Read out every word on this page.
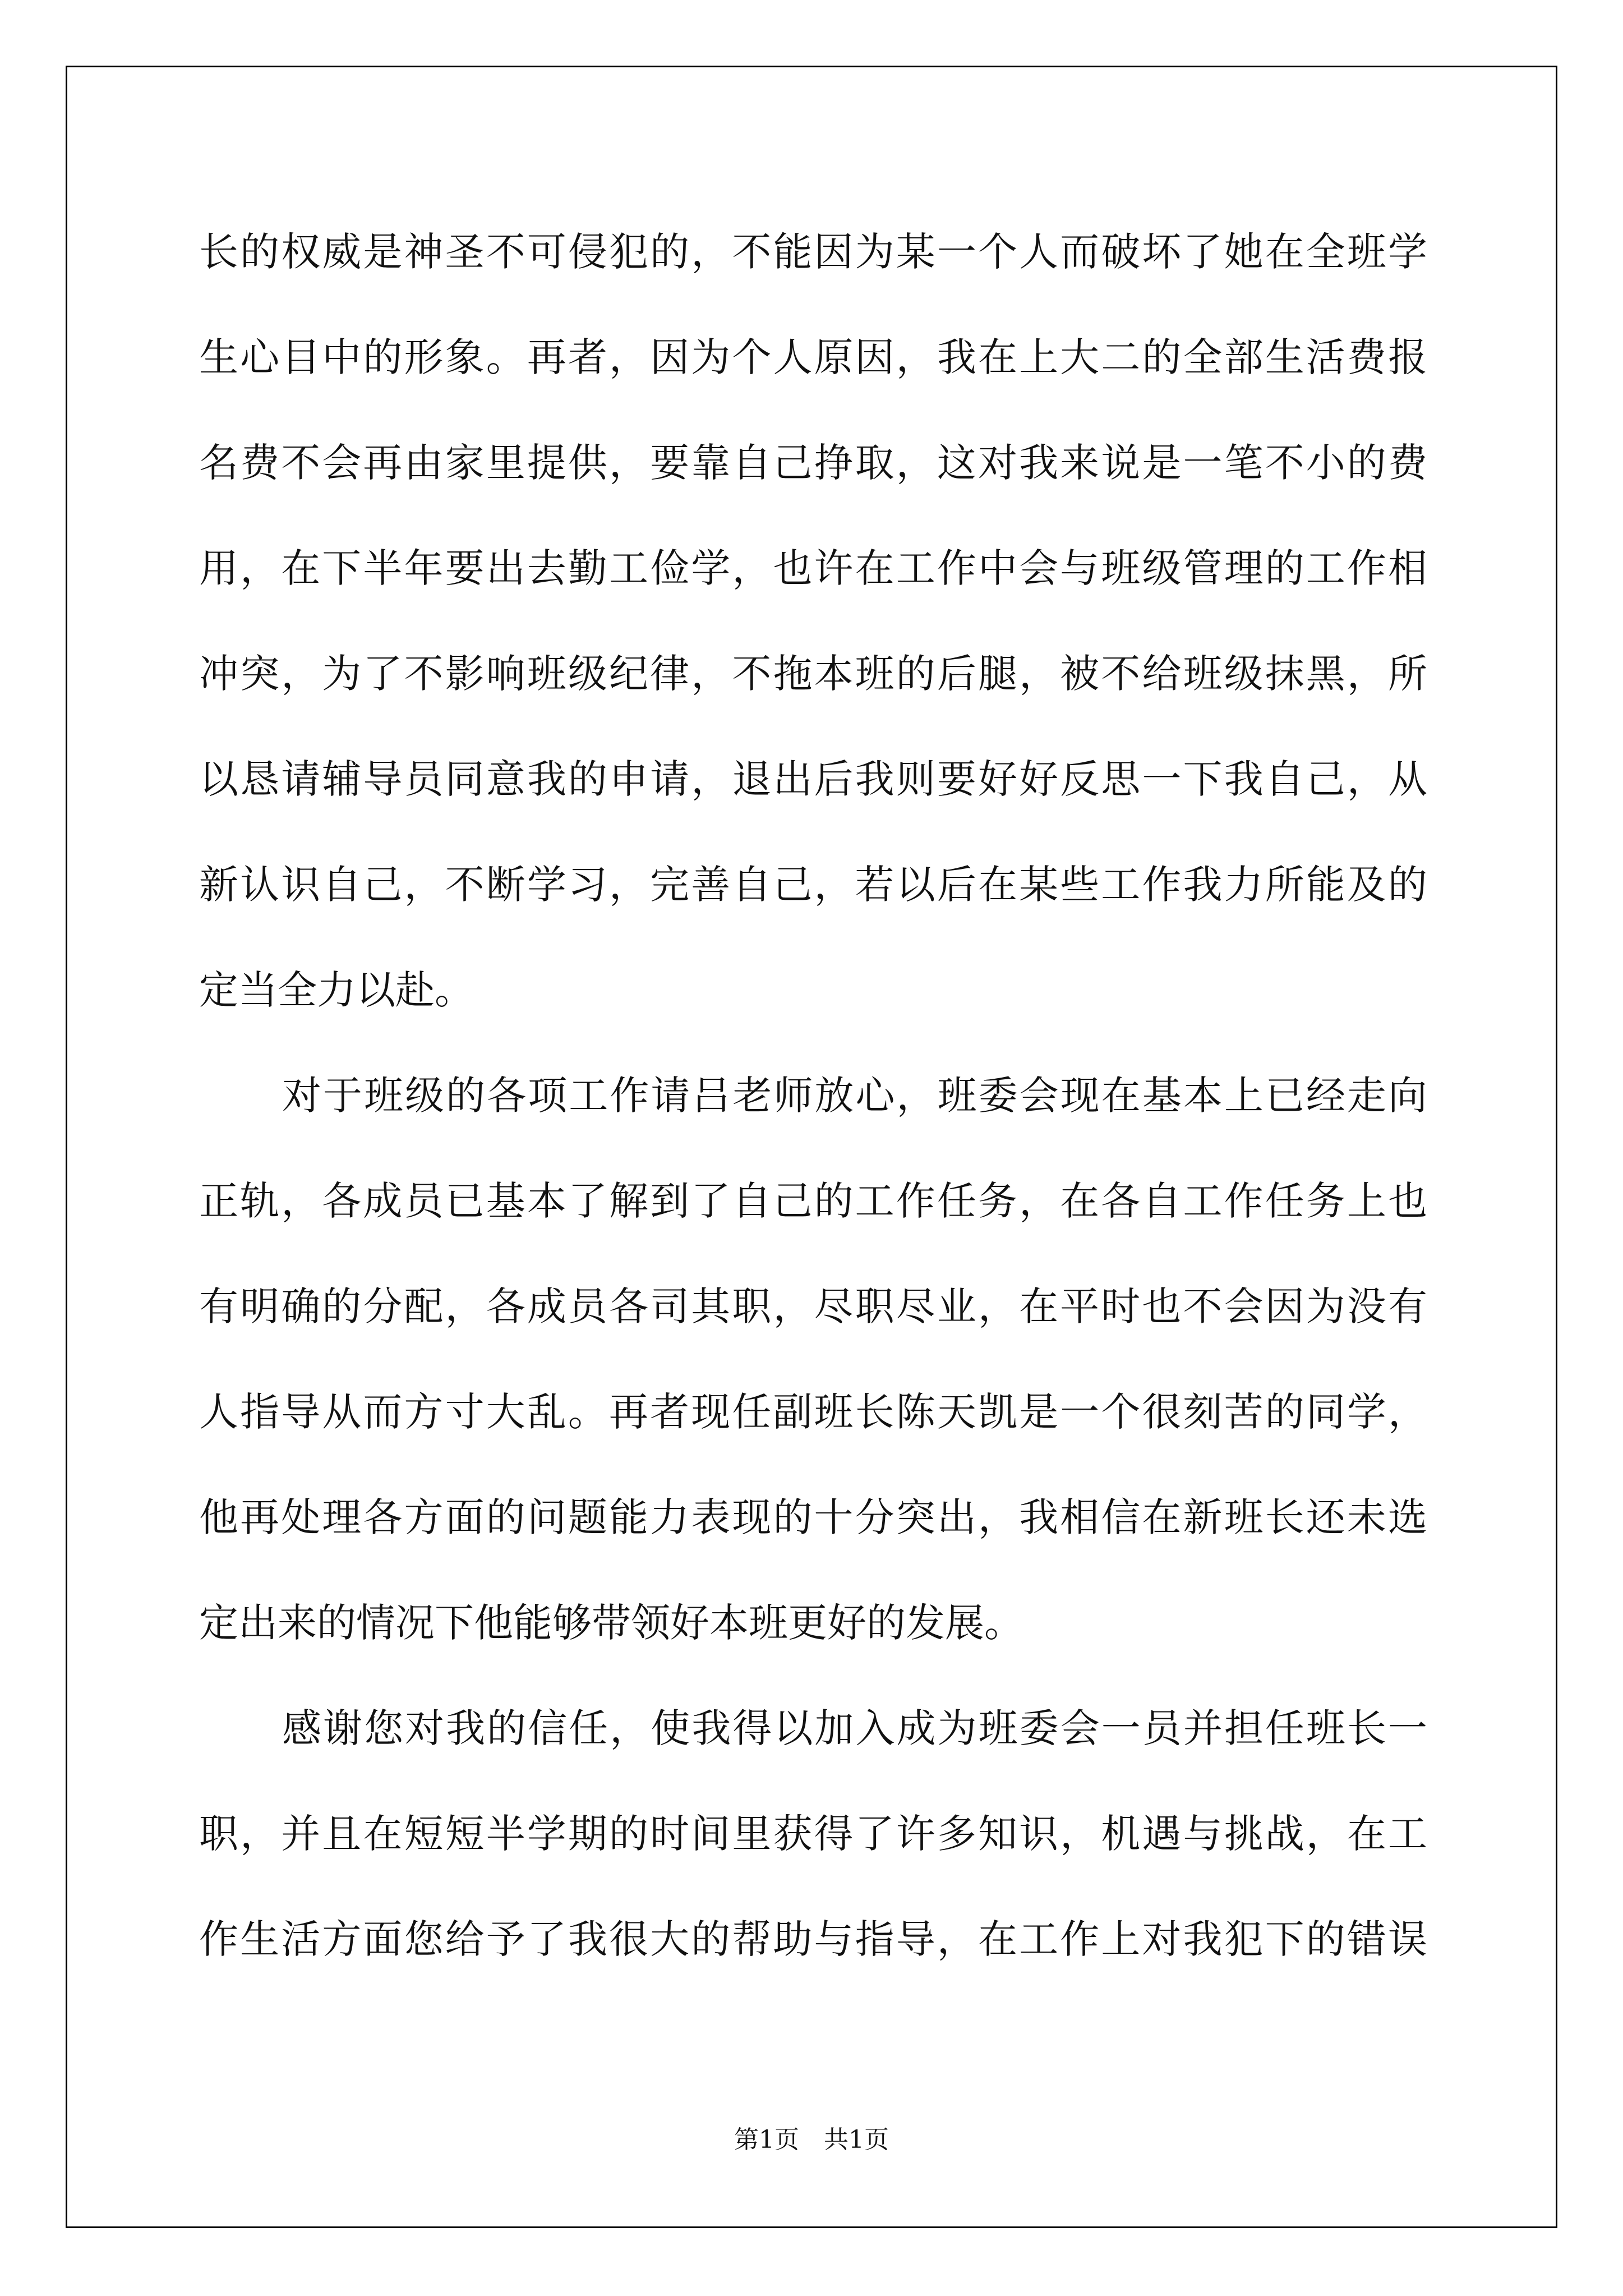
长的权威是神圣不可侵犯的，不能因为某一个人而破坏了她在全班学
生心目中的形象。再者，因为个人原因，我在上大二的全部生活费报
名费不会再由家里提供，要靠自己挣取，这对我来说是一笔不小的费
用，在下半年要出去勤工俭学，也许在工作中会与班级管理的工作相
冲突，为了不影响班级纪律，不拖本班的后腿，被不给班级抹黑，所
以恳请辅导员同意我的申请，退出后我则要好好反思一下我自己，从
新认识自己，不断学习，完善自己，若以后在某些工作我力所能及的
定当全力以赴。
对于班级的各项工作请吕老师放心，班委会现在基本上已经走向
正轨，各成员已基本了解到了自己的工作任务，在各自工作任务上也
有明确的分配，各成员各司其职，尽职尽业，在平时也不会因为没有
人指导从而方寸大乱。再者现任副班长陈天凯是一个很刻苦的同学，
他再处理各方面的问题能力表现的十分突出，我相信在新班长还未选
定出来的情况下他能够带领好本班更好的发展。
感谢您对我的信任，使我得以加入成为班委会一员并担任班长一
职，并且在短短半学期的时间里获得了许多知识，机遇与挑战，在工
作生活方面您给予了我很大的帮助与指导，在工作上对我犯下的错误
第1页 共1页
